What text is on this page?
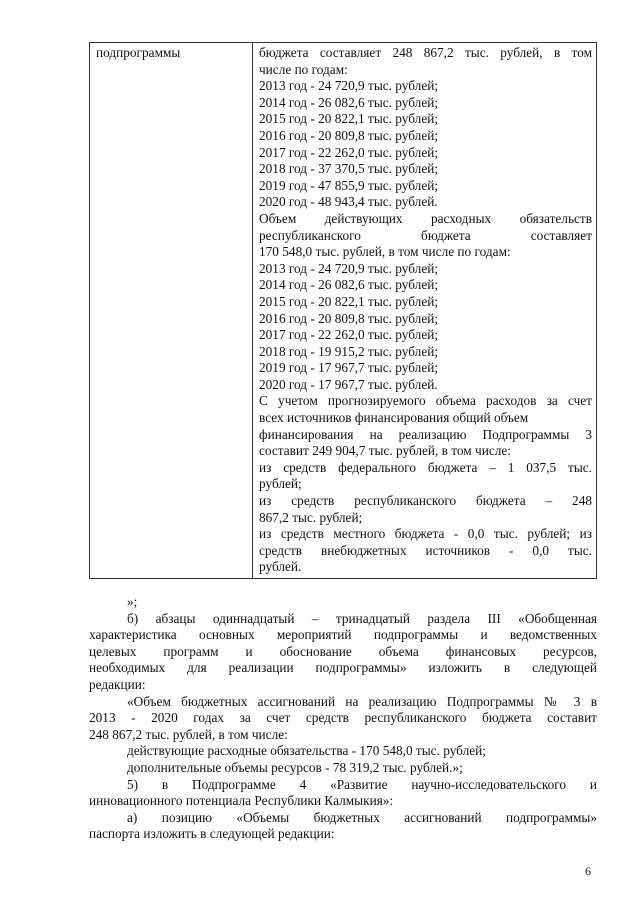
подпрограммы	бюджета составляет 248 867,2 тыс. рублей, в том
числе по годам:
2013 год - 24 720,9 тыс. рублей;
2014 год - 26 082,6 тыс. рублей;
2015 год - 20 822,1 тыс. рублей;
2016 год - 20 809,8 тыс. рублей;
2017 год - 22 262,0 тыс. рублей;
2018 год - 37 370,5 тыс. рублей;
2019 год - 47 855,9 тыс. рублей;
2020 год - 48 943,4 тыс. рублей.
Объем действующих расходных обязательств
республиканского бюджета составляет
170 548,0 тыс. рублей, в том числе по годам:
2013 год - 24 720,9 тыс. рублей;
2014 год - 26 082,6 тыс. рублей;
2015 год - 20 822,1 тыс. рублей;
2016 год - 20 809,8 тыс. рублей;
2017 год - 22 262,0 тыс. рублей;
2018 год - 19 915,2 тыс. рублей;
2019 год - 17 967,7 тыс. рублей;
2020 год - 17 967,7 тыс. рублей.
С учетом прогнозируемого объема расходов за счет
всех источников финансирования общий объем
финансирования на реализацию Подпрограммы 3
составит 249 904,7 тыс. рублей, в том числе:
из средств федерального бюджета – 1 037,5 тыс.
рублей;
из средств республиканского бюджета – 248
867,2 тыс. рублей;
из средств местного бюджета - 0,0 тыс. рублей; из
средств внебюджетных источников - 0,0 тыс.
рублей.
»;
б) абзацы одиннадцатый – тринадцатый раздела III «Обобщенная
характеристика основных мероприятий подпрограммы и ведомственных
целевых программ и обоснование объема финансовых ресурсов,
необходимых для реализации подпрограммы» изложить в следующей
редакции:
«Объем бюджетных ассигнований на реализацию Подпрограммы № 3 в
2013 - 2020 годах за счет средств республиканского бюджета составит
248 867,2 тыс. рублей, в том числе:
действующие расходные обязательства - 170 548,0 тыс. рублей;
дополнительные объемы ресурсов - 78 319,2 тыс. рублей.»;
5) в Подпрограмме 4 «Развитие научно-исследовательского и
инновационного потенциала Республики Калмыкия»:
а) позицию «Объемы бюджетных ассигнований подпрограммы»
паспорта изложить в следующей редакции:
6
